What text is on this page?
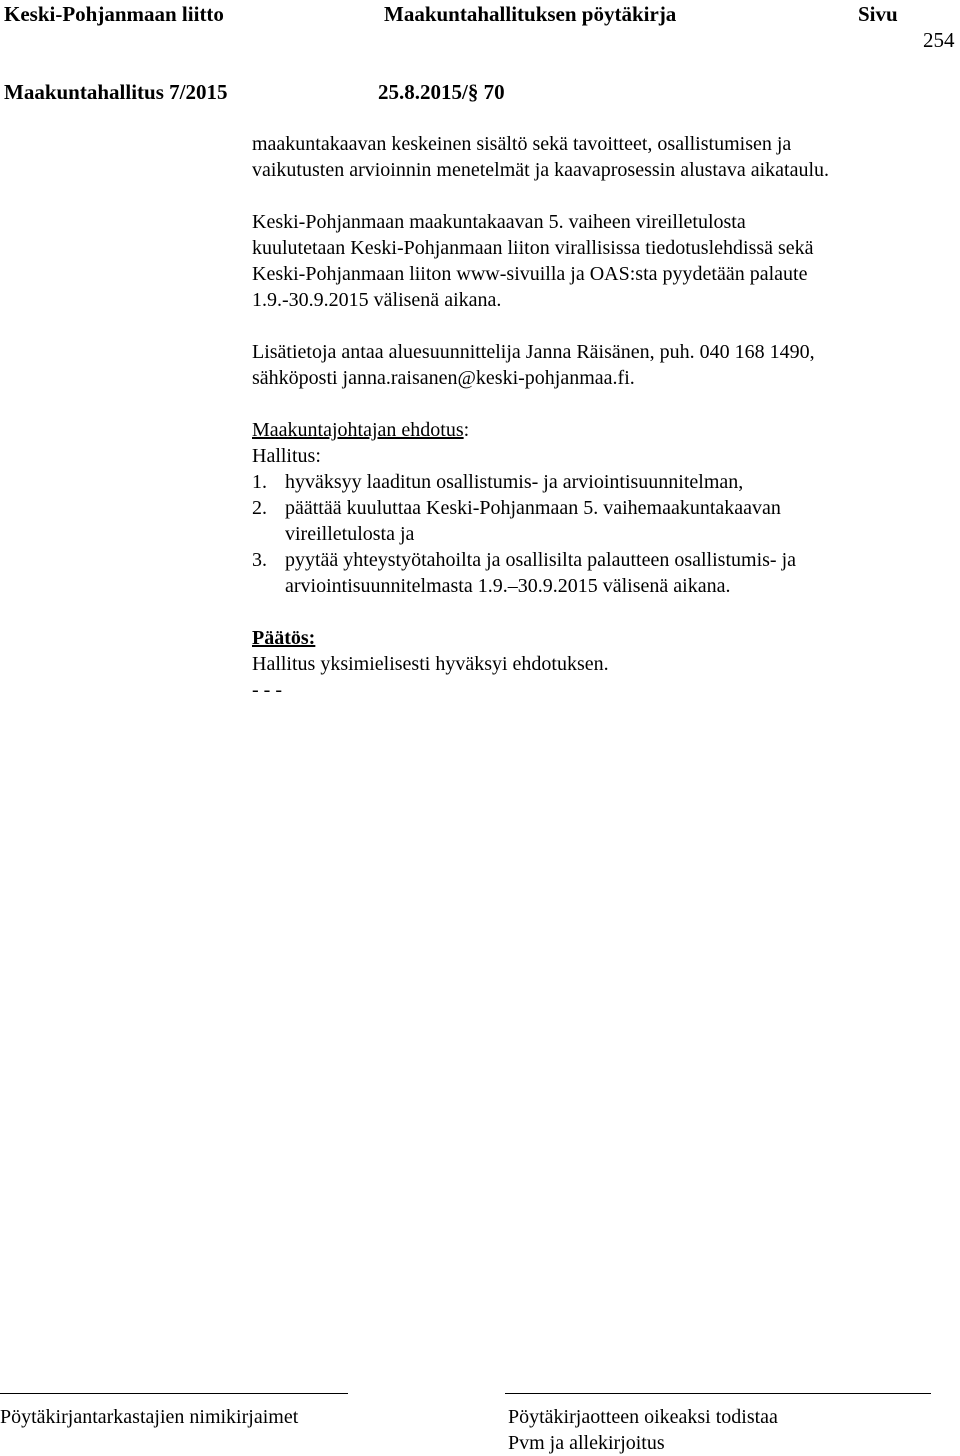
Keski-Pohjanmaan liitto	Maakuntahallituksen pöytäkirja	Sivu
254
Maakuntahallitus 7/2015	25.8.2015/§ 70

maakuntakaavan keskeinen sisältö sekä tavoitteet, osallistumisen ja

vaikutusten arvioinnin menetelmät ja kaavaprosessin alustava aikataulu.

Keski-Pohjanmaan maakuntakaavan 5. vaiheen vireilletulosta

kuulutetaan Keski-Pohjanmaan liiton virallisissa tiedotuslehdissä sekä

Keski-Pohjanmaan liiton www-sivuilla ja OAS:sta pyydetään palaute

1.9.-30.9.2015 välisenä aikana.

Lisätietoja antaa aluesuunnittelija Janna Räisänen, puh. 040 168 1490,

sähköposti janna.raisanen@keski-pohjanmaa.fi.

Maakuntajohtajan ehdotus:

Hallitus:

1. hyväksyy laaditun osallistumis- ja arviointisuunnitelman,
2. päättää kuuluttaa Keski-Pohjanmaan 5. vaihemaakuntakaavan
vireilletulosta ja
3. pyytää yhteystyötahoilta ja osallisilta palautteen osallistumis- ja
arviointisuunnitelmasta 1.9.–30.9.2015 välisenä aikana.

Päätös:

Hallitus yksimielisesti hyväksyi ehdotuksen.

- - -

Pöytäkirjantarkastajien nimikirjaimet	Pöytäkirjaotteen oikeaksi todistaa
Pvm ja allekirjoitus
